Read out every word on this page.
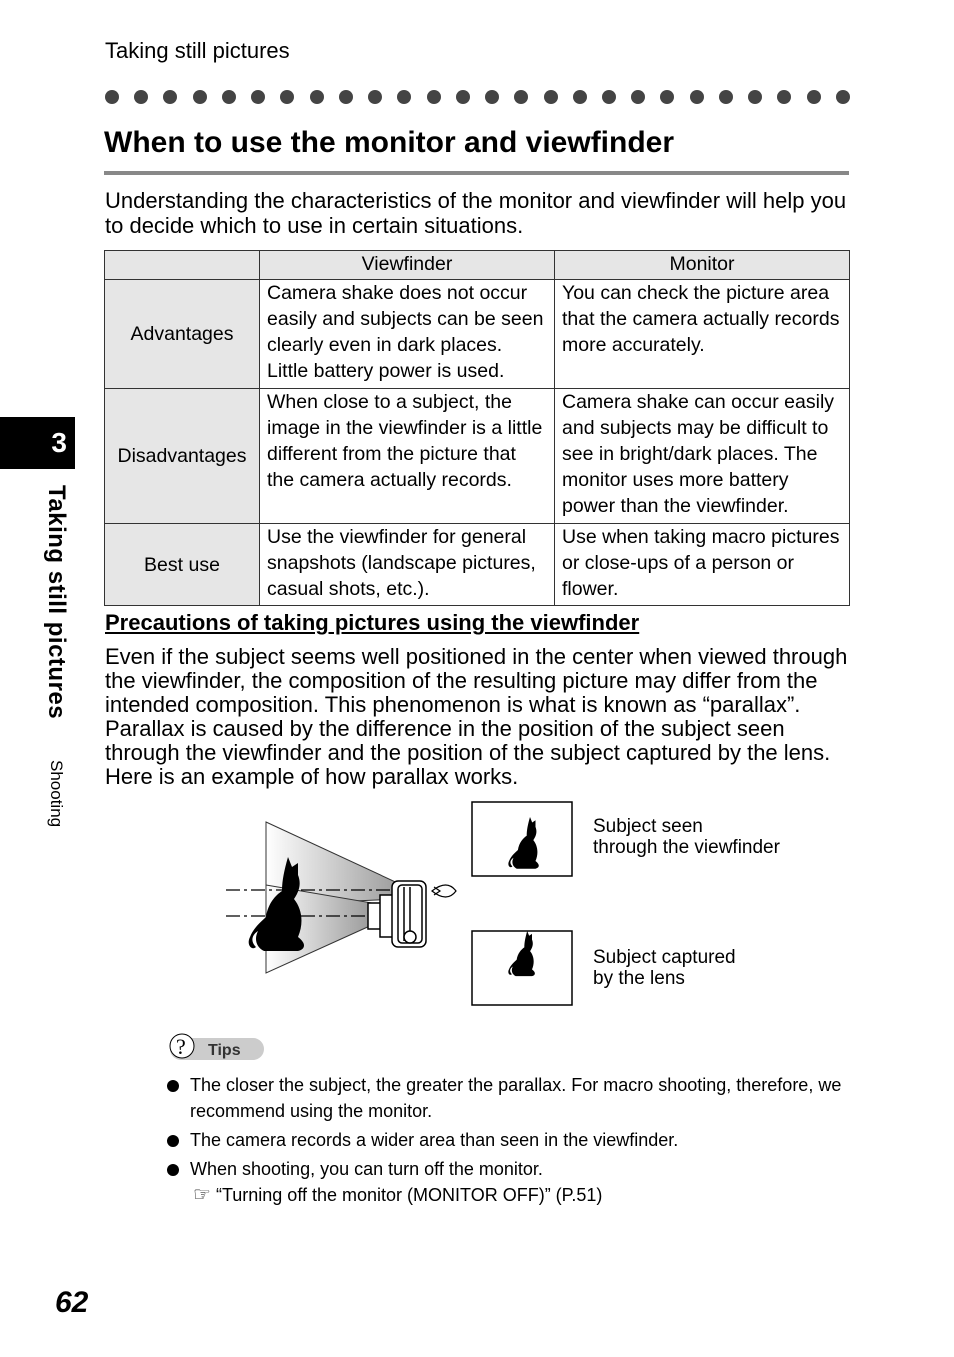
Taking still pictures
When to use the monitor and viewfinder
Understanding the characteristics of the monitor and viewfinder will help you to decide which to use in certain situations.
	Viewfinder	Monitor
Advantages	Camera shake does not occur easily and subjects can be seen clearly even in dark places. Little battery power is used.	You can check the picture area that the camera actually records more accurately.
Disadvantages	When close to a subject, the image in the viewfinder is a little different from the picture that the camera actually records.	Camera shake can occur easily and subjects may be difficult to see in bright/dark places. The monitor uses more battery power than the viewfinder.
Best use	Use the viewfinder for general snapshots (landscape pictures, casual shots, etc.).	Use when taking macro pictures or close-ups of a person or flower.
Precautions of taking pictures using the viewfinder
Even if the subject seems well positioned in the center when viewed through the viewfinder, the composition of the resulting picture may differ from the intended composition. This phenomenon is what is known as “parallax”. Parallax is caused by the difference in the position of the subject seen through the viewfinder and the position of the subject captured by the lens. Here is an example of how parallax works.
Subject seen
through the viewfinder
Subject captured
by the lens
? Tips
The closer the subject, the greater the parallax. For macro shooting, therefore, we recommend using the monitor.
The camera records a wider area than seen in the viewfinder.
When shooting, you can turn off the monitor.
☞ “Turning off the monitor (MONITOR OFF)” (P.51)
3
Taking still pictures
Shooting
62
